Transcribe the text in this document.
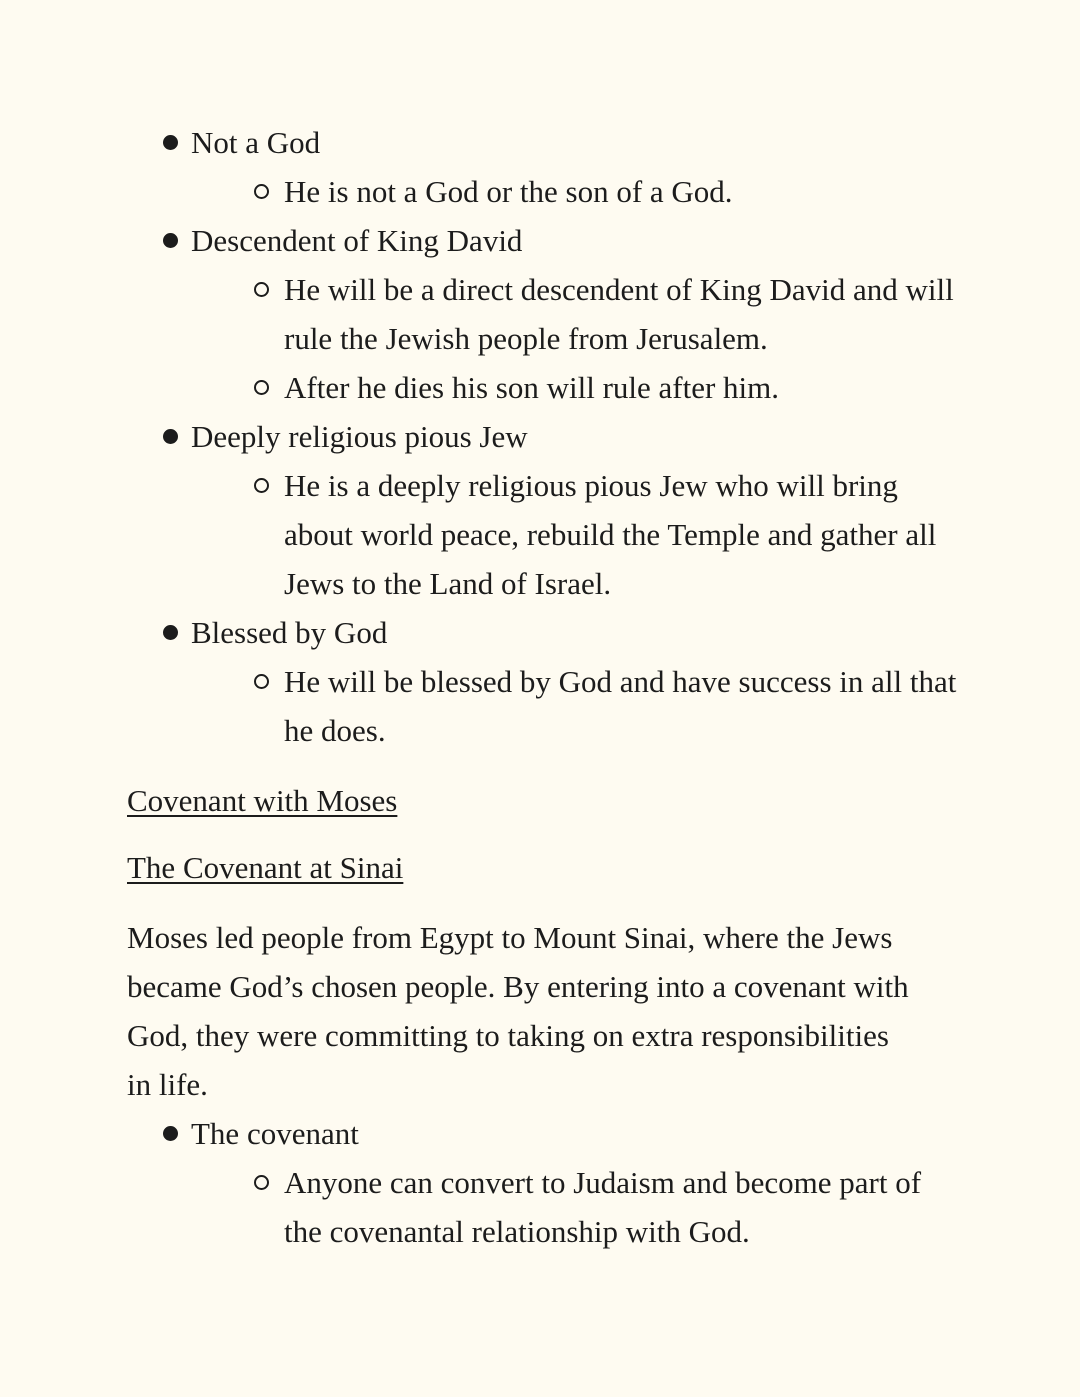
Not a God
He is not a God or the son of a God.
Descendent of King David
He will be a direct descendent of King David and will rule the Jewish people from Jerusalem.
After he dies his son will rule after him.
Deeply religious pious Jew
He is a deeply religious pious Jew who will bring about world peace, rebuild the Temple and gather all Jews to the Land of Israel.
Blessed by God
He will be blessed by God and have success in all that he does.
Covenant with Moses
The Covenant at Sinai
Moses led people from Egypt to Mount Sinai, where the Jews became God’s chosen people. By entering into a covenant with God, they were committing to taking on extra responsibilities in life.
The covenant
Anyone can convert to Judaism and become part of the covenantal relationship with God.
